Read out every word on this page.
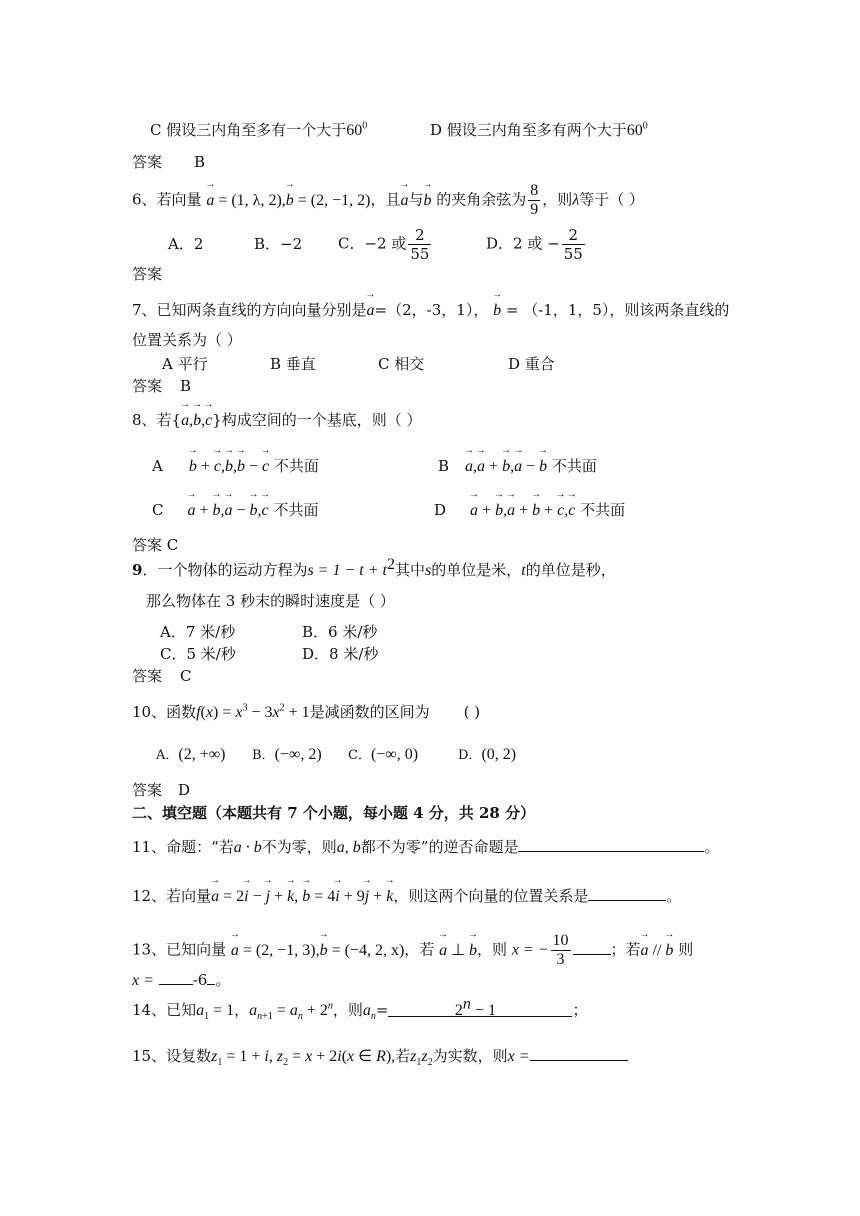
C 假设三内角至多有一个大于$60^0$	D 假设三内角至多有两个大于$60^0$
答案 B
6、若向量 → a = (1, λ, 2),→ b = (2, −1, 2)，且→ a与→ b 的夹角余弦为 $\frac{8}{9}$ ，则λ等于（ ）
A．2	B．−2 C．−2 或 $\frac{2}{55}$	D．2 或 − $\frac{2}{55}$
答案
7、已知两条直线的方向向量分别是→ a=（2，-3，1）， → b = （-1，1，5），则该两条直线的
位置关系为（ ）
A 平行	B 垂直	C 相交	D 重合
答案 B
8、若{→ a,→ b,→ c}构成空间的一个基底，则（ ）
A → b + → c,→ b,→ b − → c 不共面	B → a,→ a + → b,→ a − → b 不共面
C → a + → b,→ a − → b,→ c 不共面	D → a + → b,→ a + → b + → c,→ c 不共面
答案 C
9．一个物体的运动方程为$s = 1 - t + t^2$其中s的单位是米，t的单位是秒，
那么物体在 3 秒末的瞬时速度是（ ）
A．7 米/秒	B．6 米/秒
C．5 米/秒	D．8 米/秒
答案 C
10、函数$f(x) = x^3 - 3x^2 + 1$是减函数的区间为 ( )
A．(2, +∞) B．(−∞, 2) C．(−∞, 0)	D．(0, 2)
答案 D
二、填空题（本题共有 7 个小题，每小题 4 分，共 28 分）
11、命题：“若a · b不为零，则a, b都不为零”的逆否命题是	。
12、若向量→ a = 2→ i − → j + → k, → b = 4→ i + 9→ j + → k，则这两个向量的位置关系是	。
13、已知向量 → a = (2, −1, 3),→ b = (−4, 2, x)，若 → a ⊥ → b，则 x = − $\frac{10}{3}$	；若→ a // → b 则
x =	-6 。
14、已知$a_1 = 1$，$a_{n+1} = a_n + 2^n$，则$a_n=$	$2^n - 1$	；
15、设复数$z_1 = 1 + i$, $z_2 = x + 2i(x$ ∈ R),若$z_1z_2$为实数，则x =
